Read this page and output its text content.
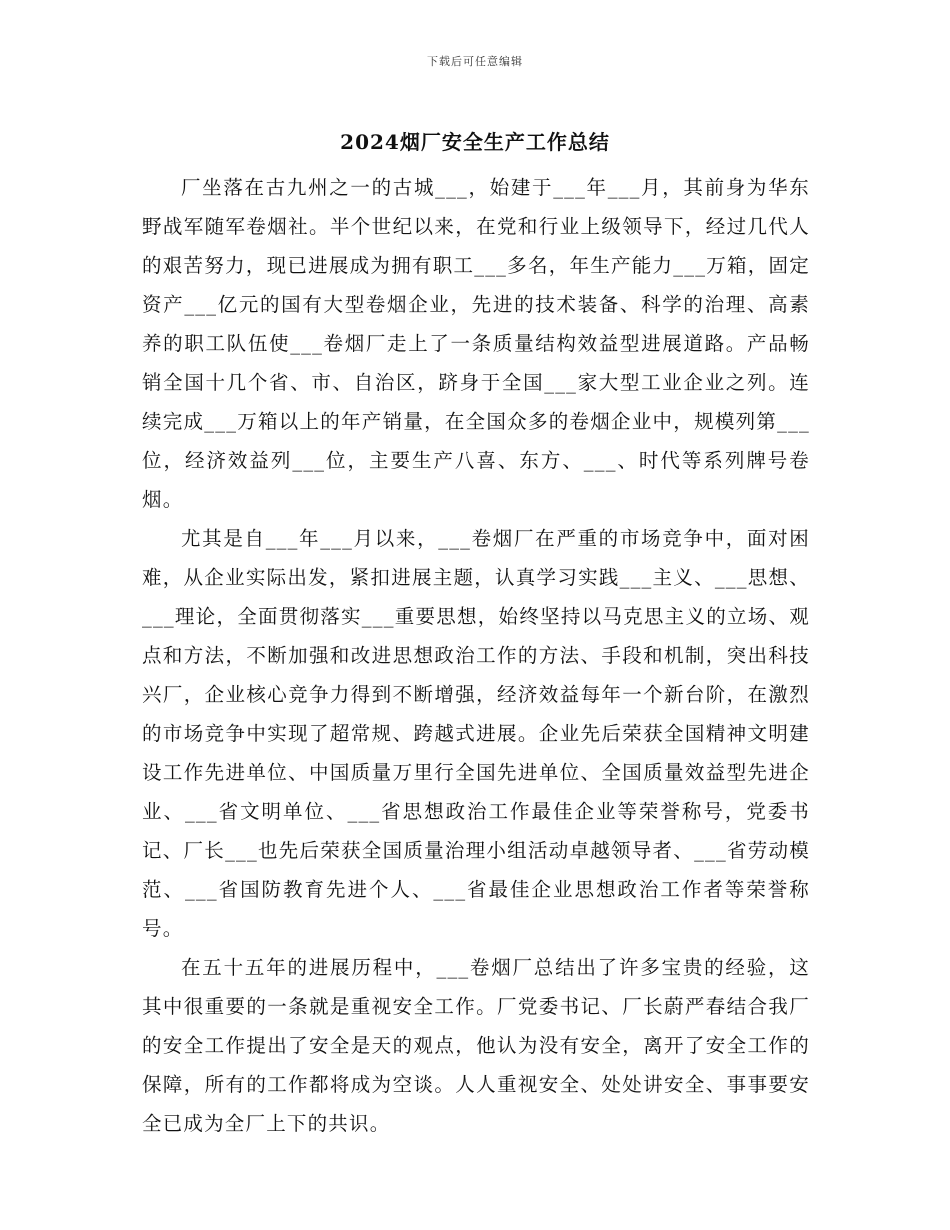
下载后可任意编辑
2024烟厂安全生产工作总结

厂坐落在古九州之一的古城___，始建于___年___月，其前身为华东野战军随军卷烟社。半个世纪以来，在党和行业上级领导下，经过几代人的艰苦努力，现已进展成为拥有职工___多名，年生产能力___万箱，固定资产___亿元的国有大型卷烟企业，先进的技术装备、科学的治理、高素养的职工队伍使___卷烟厂走上了一条质量结构效益型进展道路。产品畅销全国十几个省、市、自治区，跻身于全国___家大型工业企业之列。连续完成___万箱以上的年产销量，在全国众多的卷烟企业中，规模列第___位，经济效益列___位，主要生产八喜、东方、___、时代等系列牌号卷烟。

尤其是自___年___月以来，___卷烟厂在严重的市场竞争中，面对困难，从企业实际出发，紧扣进展主题，认真学习实践___主义、___思想、___理论，全面贯彻落实___重要思想，始终坚持以马克思主义的立场、观点和方法，不断加强和改进思想政治工作的方法、手段和机制，突出科技兴厂，企业核心竞争力得到不断增强，经济效益每年一个新台阶，在激烈的市场竞争中实现了超常规、跨越式进展。企业先后荣获全国精神文明建设工作先进单位、中国质量万里行全国先进单位、全国质量效益型先进企业、___省文明单位、___省思想政治工作最佳企业等荣誉称号，党委书记、厂长___也先后荣获全国质量治理小组活动卓越领导者、___省劳动模范、___省国防教育先进个人、___省最佳企业思想政治工作者等荣誉称号。

在五十五年的进展历程中，___卷烟厂总结出了许多宝贵的经验，这其中很重要的一条就是重视安全工作。厂党委书记、厂长蔚严春结合我厂的安全工作提出了安全是天的观点，他认为没有安全，离开了安全工作的保障，所有的工作都将成为空谈。人人重视安全、处处讲安全、事事要安全已成为全厂上下的共识。
